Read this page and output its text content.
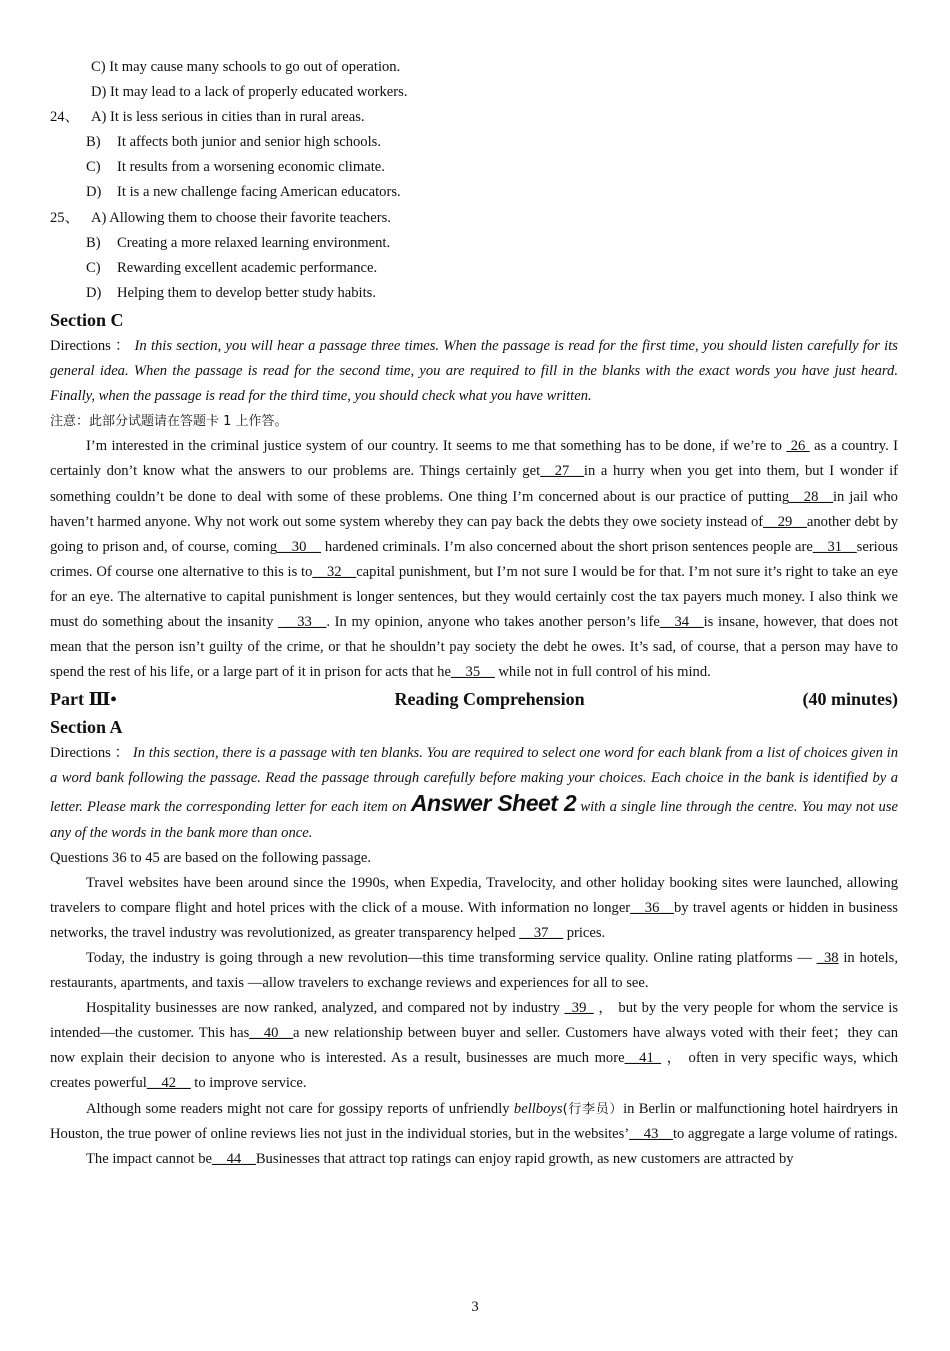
C) It may cause many schools to go out of operation.
D) It may lead to a lack of properly educated workers.
24、 A) It is less serious in cities than in rural areas.
B) It affects both junior and senior high schools.
C) It results from a worsening economic climate.
D) It is a new challenge facing American educators.
25、 A) Allowing them to choose their favorite teachers.
B) Creating a more relaxed learning environment.
C) Rewarding excellent academic performance.
D) Helping them to develop better study habits.
Section C
Directions ： In this section, you will hear a passage three times. When the passage is read for the first time, you should listen carefully for its general idea. When the passage is read for the second time, you are required to fill in the blanks with the exact words you have just heard. Finally, when the passage is read for the third time, you should check what you have written.
注意：此部分试题请在答题卡 1 上作答。
I’m interested in the criminal justice system of our country. It seems to me that something has to be done, if we’re to  26  as a country. I certainly don’t know what the answers to our problems are. Things certainly get__27__in a hurry when you get into them, but I wonder if something couldn’t be done to deal with some of these problems. One thing I’m concerned about is our practice of putting__28__in jail who haven’t harmed anyone. Why not work out some system whereby they can pay back the debts they owe society instead of__29__another debt by going to prison and, of course, coming__30__ hardened criminals. I’m also concerned about the short prison sentences people are__31__serious crimes. Of course one alternative to this is to__32__capital punishment, but I’m not sure I would be for that. I’m not sure it’s right to take an eye for an eye. The alternative to capital punishment is longer sentences, but they would certainly cost the tax payers much money. I also think we must do something about the insanity  __33__. In my opinion, anyone who takes another person’s life__34__is insane, however, that does not mean that the person isn’t guilty of the crime, or that he shouldn’t pay society the debt he owes. It’s sad, of course, that a person may have to spend the rest of his life, or a large part of it in prison for acts that he__35__ while not in full control of his mind.
Part Ⅲ•	Reading Comprehension	(40 minutes)
Section A
Directions ： In this section, there is a passage with ten blanks. You are required to select one word for each blank from a list of choices given in a word bank following the passage. Read the passage through carefully before making your choices. Each choice in the bank is identified by a letter. Please mark the corresponding letter for each item on Answer Sheet 2 with a single line through the centre. You may not use any of the words in the bank more than once.
Questions 36 to 45 are based on the following passage.
Travel websites have been around since the 1990s, when Expedia, Travelocity, and other holiday booking sites were launched, allowing travelers to compare flight and hotel prices with the click of a mouse. With information no longer__36__by travel agents or hidden in business networks, the travel industry was revolutionized, as greater transparency helped __37__ prices.
Today, the industry is going through a new revolution—this time transforming service quality. Online rating platforms — _38 in hotels, restaurants, apartments, and taxis —allow travelers to exchange reviews and experiences for all to see.
Hospitality businesses are now ranked, analyzed, and compared not by industry _39_ ， but by the very people for whom the service is intended—the customer. This has__40__a new relationship between buyer and seller. Customers have always voted with their feet；they can now explain their decision to anyone who is interested. As a result, businesses are much more__41_ ， often in very specific ways, which creates powerful__42__ to improve service.
Although some readers might not care for gossipy reports of unfriendly bellboys(行李员）in Berlin or malfunctioning hotel hairdryers in Houston, the true power of online reviews lies not just in the individual stories, but in the websites’__43__to aggregate a large volume of ratings.
The impact cannot be__44__Businesses that attract top ratings can enjoy rapid growth, as new customers are attracted by
3
